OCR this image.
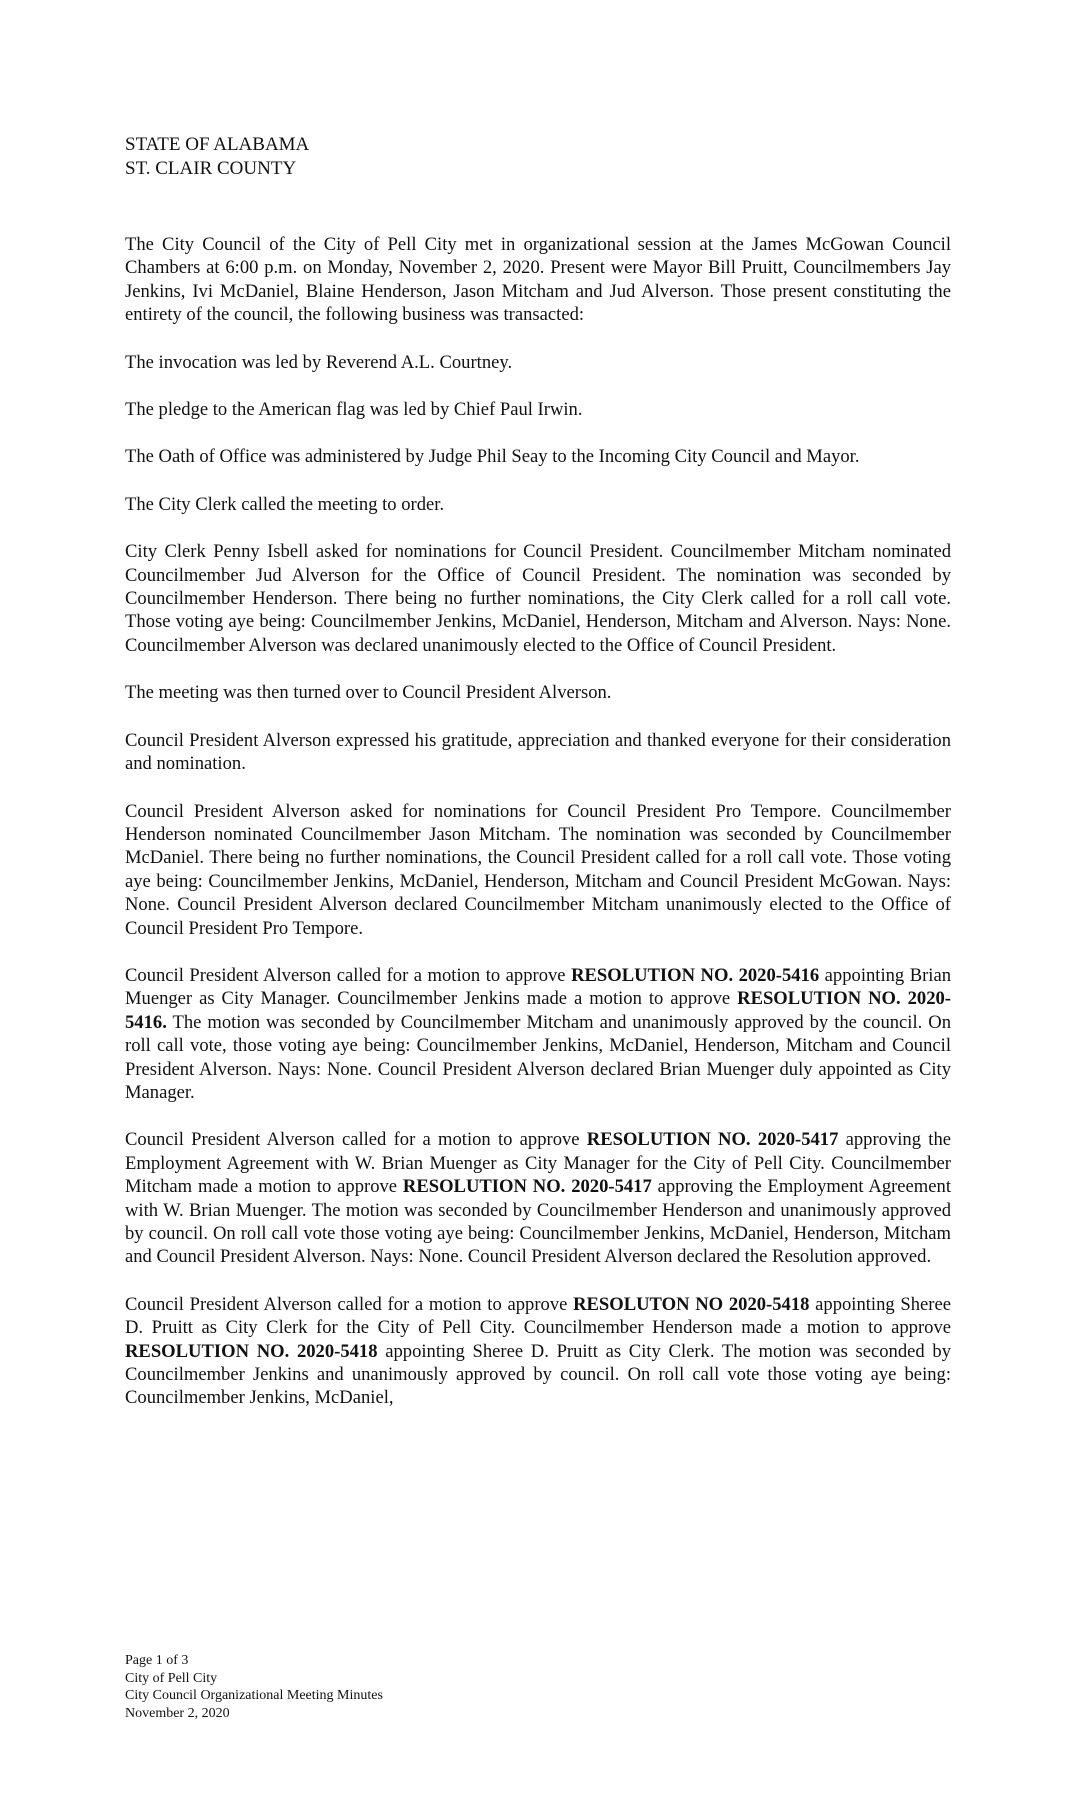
STATE OF ALABAMA
ST. CLAIR COUNTY

The City Council of the City of Pell City met in organizational session at the James McGowan Council Chambers at 6:00 p.m. on Monday, November 2, 2020. Present were Mayor Bill Pruitt, Councilmembers Jay Jenkins, Ivi McDaniel, Blaine Henderson, Jason Mitcham and Jud Alverson. Those present constituting the entirety of the council, the following business was transacted:

The invocation was led by Reverend A.L. Courtney.

The pledge to the American flag was led by Chief Paul Irwin.

The Oath of Office was administered by Judge Phil Seay to the Incoming City Council and Mayor.

The City Clerk called the meeting to order.

City Clerk Penny Isbell asked for nominations for Council President. Councilmember Mitcham nominated Councilmember Jud Alverson for the Office of Council President. The nomination was seconded by Councilmember Henderson. There being no further nominations, the City Clerk called for a roll call vote. Those voting aye being: Councilmember Jenkins, McDaniel, Henderson, Mitcham and Alverson. Nays: None. Councilmember Alverson was declared unanimously elected to the Office of Council President.

The meeting was then turned over to Council President Alverson.

Council President Alverson expressed his gratitude, appreciation and thanked everyone for their consideration and nomination.

Council President Alverson asked for nominations for Council President Pro Tempore. Councilmember Henderson nominated Councilmember Jason Mitcham. The nomination was seconded by Councilmember McDaniel. There being no further nominations, the Council President called for a roll call vote. Those voting aye being: Councilmember Jenkins, McDaniel, Henderson, Mitcham and Council President McGowan. Nays: None. Council President Alverson declared Councilmember Mitcham unanimously elected to the Office of Council President Pro Tempore.

Council President Alverson called for a motion to approve RESOLUTION NO. 2020-5416 appointing Brian Muenger as City Manager. Councilmember Jenkins made a motion to approve RESOLUTION NO. 2020-5416. The motion was seconded by Councilmember Mitcham and unanimously approved by the council. On roll call vote, those voting aye being: Councilmember Jenkins, McDaniel, Henderson, Mitcham and Council President Alverson. Nays: None. Council President Alverson declared Brian Muenger duly appointed as City Manager.

Council President Alverson called for a motion to approve RESOLUTION NO. 2020-5417 approving the Employment Agreement with W. Brian Muenger as City Manager for the City of Pell City. Councilmember Mitcham made a motion to approve RESOLUTION NO. 2020-5417 approving the Employment Agreement with W. Brian Muenger. The motion was seconded by Councilmember Henderson and unanimously approved by council. On roll call vote those voting aye being: Councilmember Jenkins, McDaniel, Henderson, Mitcham and Council President Alverson. Nays: None. Council President Alverson declared the Resolution approved.

Council President Alverson called for a motion to approve RESOLUTON NO 2020-5418 appointing Sheree D. Pruitt as City Clerk for the City of Pell City. Councilmember Henderson made a motion to approve RESOLUTION NO. 2020-5418 appointing Sheree D. Pruitt as City Clerk. The motion was seconded by Councilmember Jenkins and unanimously approved by council. On roll call vote those voting aye being: Councilmember Jenkins, McDaniel,

Page 1 of 3
City of Pell City
City Council Organizational Meeting Minutes
November 2, 2020
